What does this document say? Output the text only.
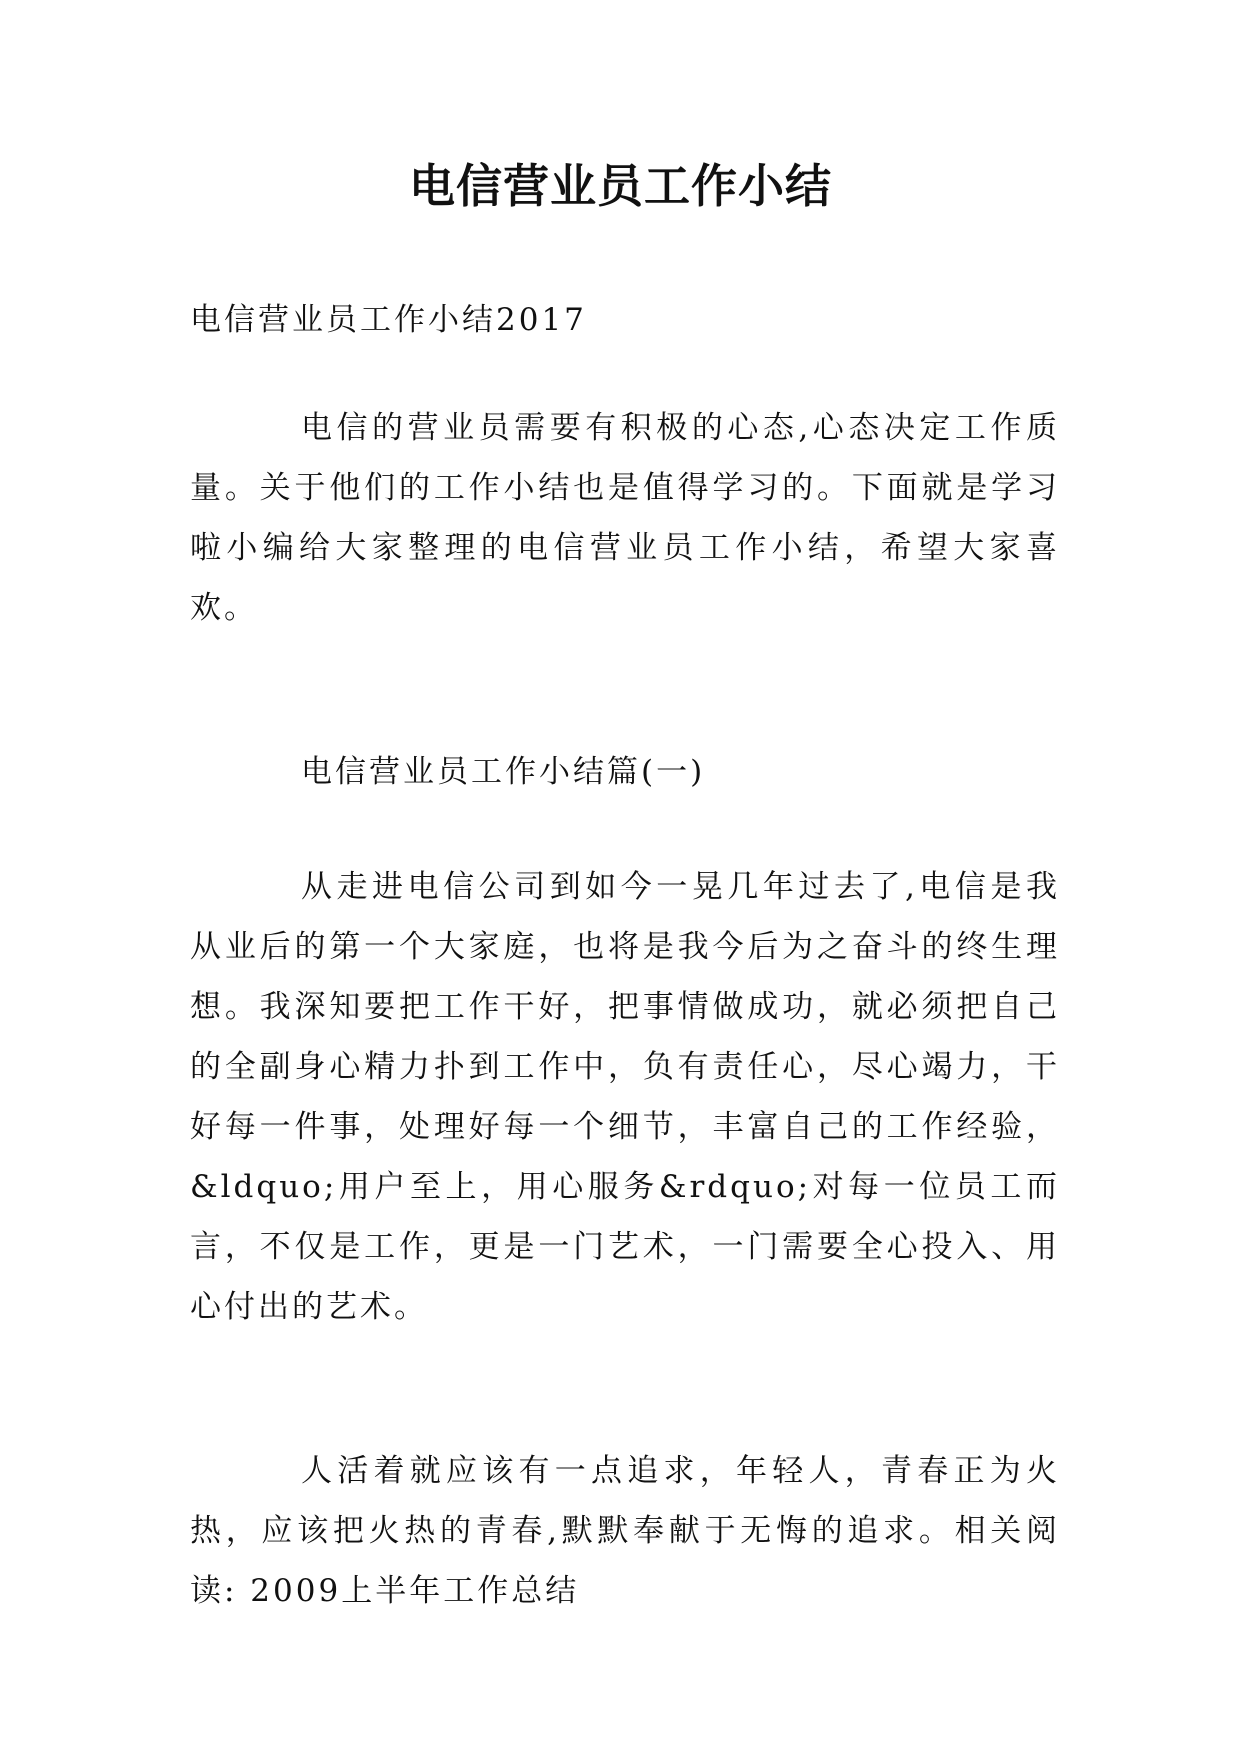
电信营业员工作小结

电信营业员工作小结2017

电信的营业员需要有积极的心态,心态决定工作质量。关于他们的工作小结也是值得学习的。下面就是学习啦小编给大家整理的电信营业员工作小结，希望大家喜欢。

电信营业员工作小结篇(一)

从走进电信公司到如今一晃几年过去了,电信是我从业后的第一个大家庭，也将是我今后为之奋斗的终生理想。我深知要把工作干好，把事情做成功，就必须把自己的全副身心精力扑到工作中，负有责任心，尽心竭力，干好每一件事，处理好每一个细节，丰富自己的工作经验，&ldquo;用户至上，用心服务&rdquo;对每一位员工而言，不仅是工作，更是一门艺术，一门需要全心投入、用心付出的艺术。

人活着就应该有一点追求，年轻人，青春正为火热，应该把火热的青春,默默奉献于无悔的追求。相关阅读: 2009上半年工作总结
